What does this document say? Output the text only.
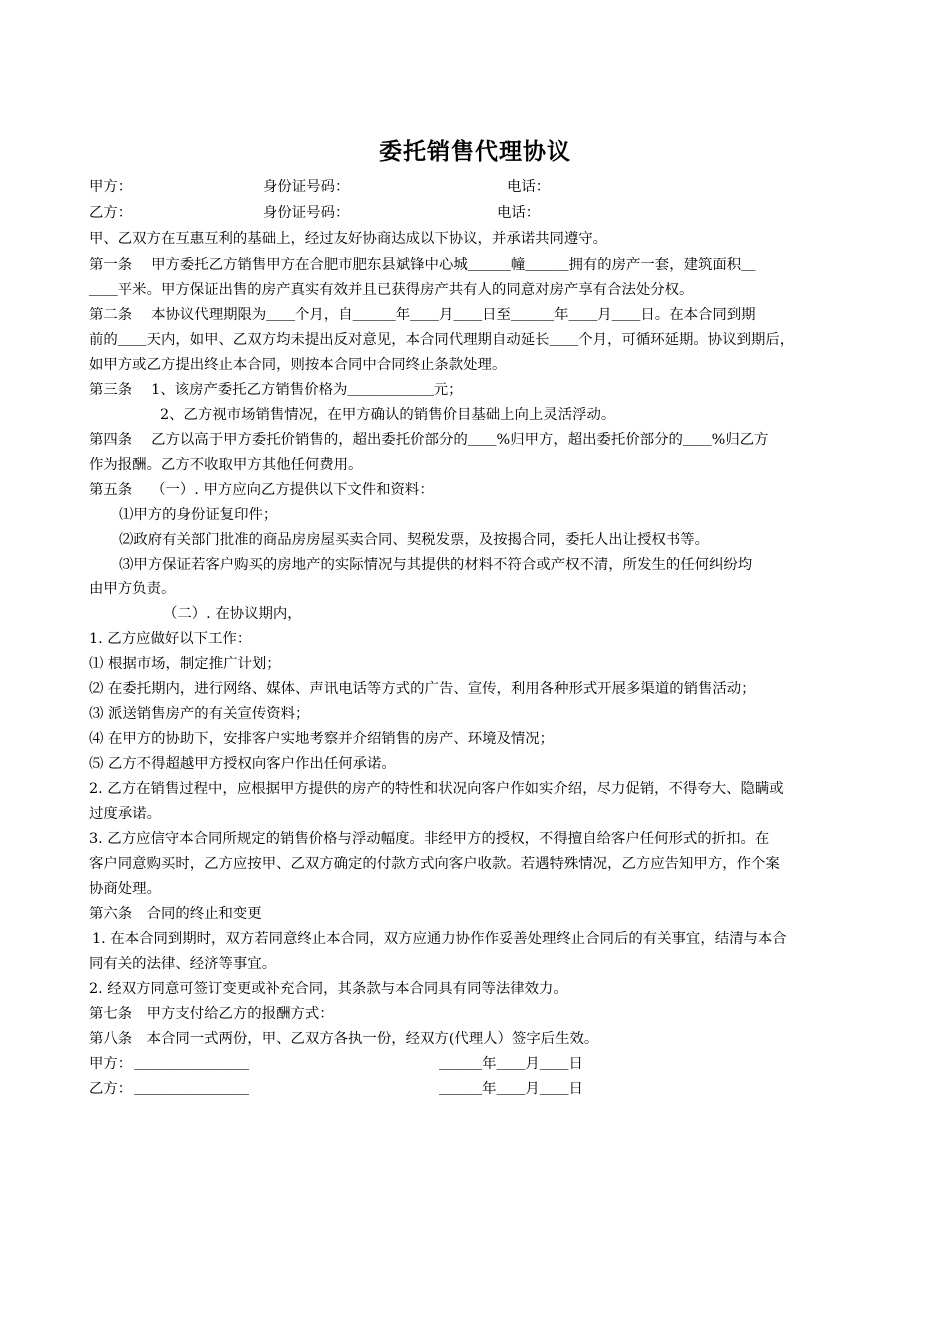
委托销售代理协议
甲方：	身份证号码：	电话：
乙方：	身份证号码：	电话：

甲、乙双方在互惠互利的基础上，经过友好协商达成以下协议，并承诺共同遵守。

第一条　 甲方委托乙方销售甲方在合肥市肥东县斌锋中心城＿＿＿幢＿＿＿拥有的房产一套，建筑面积＿

＿＿平米。甲方保证出售的房产真实有效并且已获得房产共有人的同意对房产享有合法处分权。

第二条　 本协议代理期限为＿＿个月，自＿＿＿年＿＿月＿＿日至＿＿＿年＿＿月＿＿日。在本合同到期

前的＿＿天内，如甲、乙双方均未提出反对意见，本合同代理期自动延长＿＿个月，可循环延期。协议到期后，

如甲方或乙方提出终止本合同，则按本合同中合同终止条款处理。

第三条　 1、该房产委托乙方销售价格为＿＿＿＿＿＿元；

2、乙方视市场销售情况，在甲方确认的销售价目基础上向上灵活浮动。

第四条　 乙方以高于甲方委托价销售的，超出委托价部分的＿＿%归甲方，超出委托价部分的＿＿%归乙方

作为报酬。乙方不收取甲方其他任何费用。

第五条　 （一）. 甲方应向乙方提供以下文件和资料：

⑴甲方的身份证复印件；

⑵政府有关部门批准的商品房房屋买卖合同、契税发票，及按揭合同，委托人出让授权书等。

⑶甲方保证若客户购买的房地产的实际情况与其提供的材料不符合或产权不清，所发生的任何纠纷均

由甲方负责。

（二）. 在协议期内，

1. 乙方应做好以下工作：

⑴ 根据市场，制定推广计划；

⑵ 在委托期内，进行网络、媒体、声讯电话等方式的广告、宣传，利用各种形式开展多渠道的销售活动；

⑶ 派送销售房产的有关宣传资料；

⑷ 在甲方的协助下，安排客户实地考察并介绍销售的房产、环境及情况；

⑸ 乙方不得超越甲方授权向客户作出任何承诺。

2. 乙方在销售过程中，应根据甲方提供的房产的特性和状况向客户作如实介绍，尽力促销，不得夸大、隐瞒或

过度承诺。

3. 乙方应信守本合同所规定的销售价格与浮动幅度。非经甲方的授权，不得擅自给客户任何形式的折扣。在

客户同意购买时，乙方应按甲、乙双方确定的付款方式向客户收款。若遇特殊情况，乙方应告知甲方，作个案

协商处理。

第六条　合同的终止和变更

1. 在本合同到期时，双方若同意终止本合同，双方应通力协作作妥善处理终止合同后的有关事宜，结清与本合

同有关的法律、经济等事宜。

2. 经双方同意可签订变更或补充合同，其条款与本合同具有同等法律效力。

第七条　甲方支付给乙方的报酬方式：

第八条　本合同一式两份，甲、乙双方各执一份，经双方(代理人）签字后生效。

甲方： ＿＿＿＿＿＿＿＿	＿＿＿年＿＿月＿＿日
乙方： ＿＿＿＿＿＿＿＿	＿＿＿年＿＿月＿＿日
